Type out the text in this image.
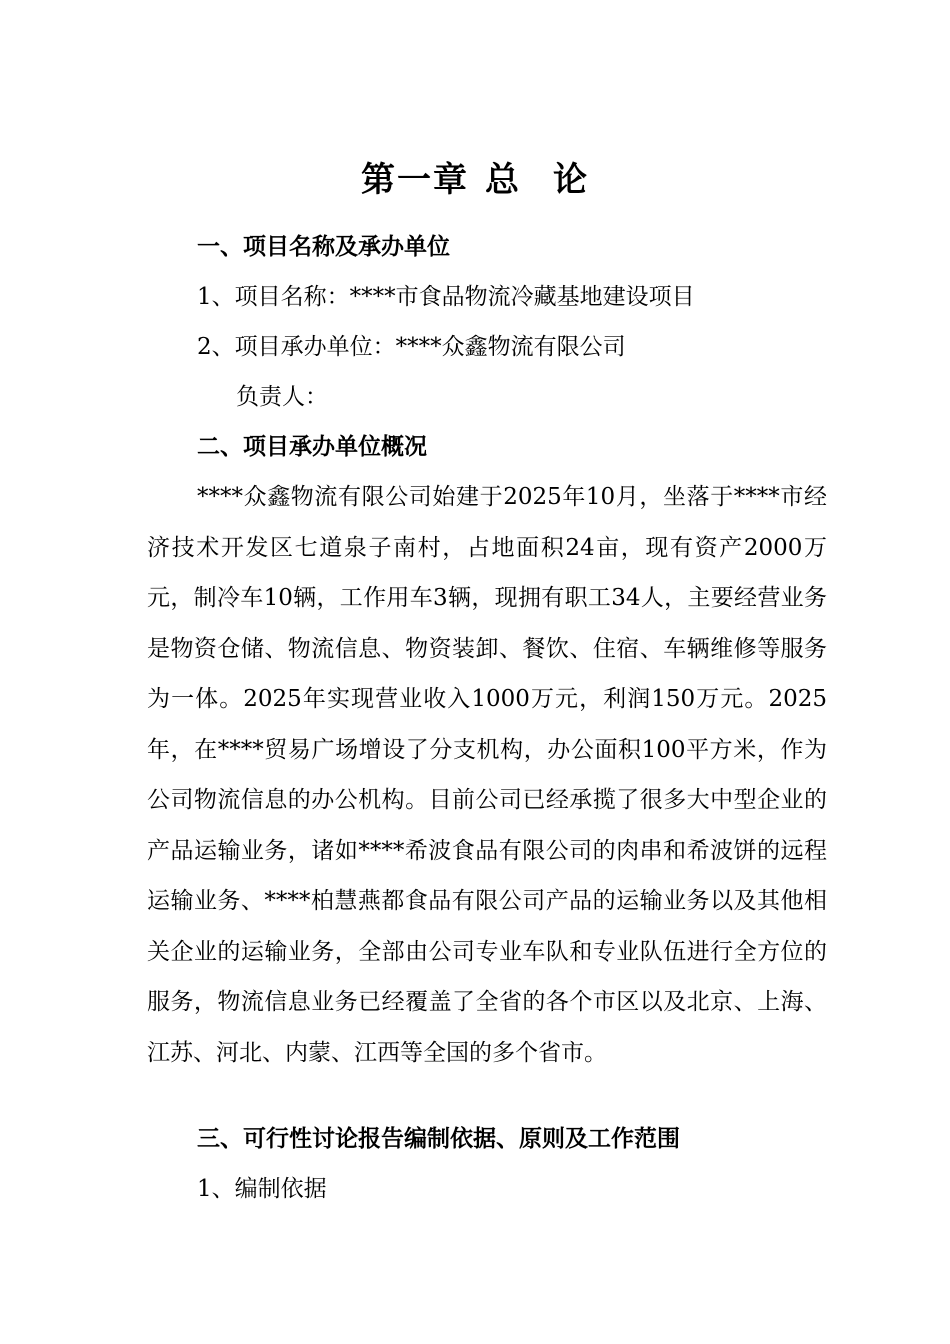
第一章 总 论
一、项目名称及承办单位
1、项目名称：****市食品物流冷藏基地建设项目
2、项目承办单位：****众鑫物流有限公司
负责人：
二、项目承办单位概况
****众鑫物流有限公司始建于2025年10月，坐落于****市经济技术开发区七道泉子南村，占地面积24亩，现有资产2000万元，制冷车10辆，工作用车3辆，现拥有职工34人，主要经营业务是物资仓储、物流信息、物资装卸、餐饮、住宿、车辆维修等服务为一体。2025年实现营业收入1000万元，利润150万元。2025年，在****贸易广场增设了分支机构，办公面积100平方米，作为公司物流信息的办公机构。目前公司已经承揽了很多大中型企业的产品运输业务，诸如****希波食品有限公司的肉串和希波饼的远程运输业务、****柏慧燕都食品有限公司产品的运输业务以及其他相关企业的运输业务，全部由公司专业车队和专业队伍进行全方位的服务，物流信息业务已经覆盖了全省的各个市区以及北京、上海、江苏、河北、内蒙、江西等全国的多个省市。
三、可行性讨论报告编制依据、原则及工作范围
1、编制依据
